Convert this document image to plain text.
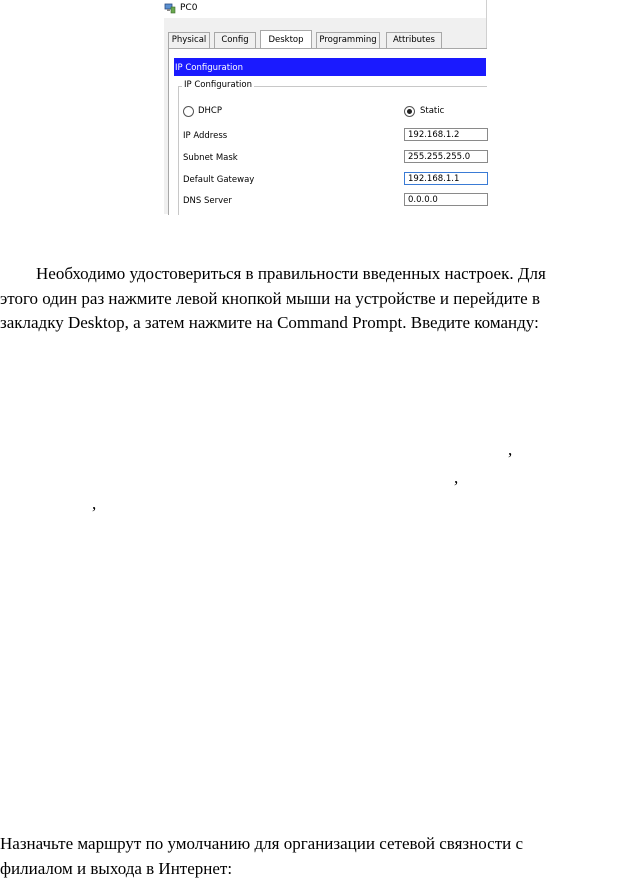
PC0
Physical	Config	Desktop	Programming	Attributes
IP Configuration
IP Configuration
DHCP	Static
IP Address	192.168.1.2
Subnet Mask	255.255.255.0
Default Gateway	192.168.1.1
DNS Server	0.0.0.0
Необходимо удостовериться в правильности введенных настроек. Для
этого один раз нажмите левой кнопкой мыши на устройстве и перейдите в
закладку Desktop, а затем нажмите на Command Prompt. Введите команду:
,
,
,
Назначьте маршрут по умолчанию для организации сетевой связности с
филиалом и выхода в Интернет:
